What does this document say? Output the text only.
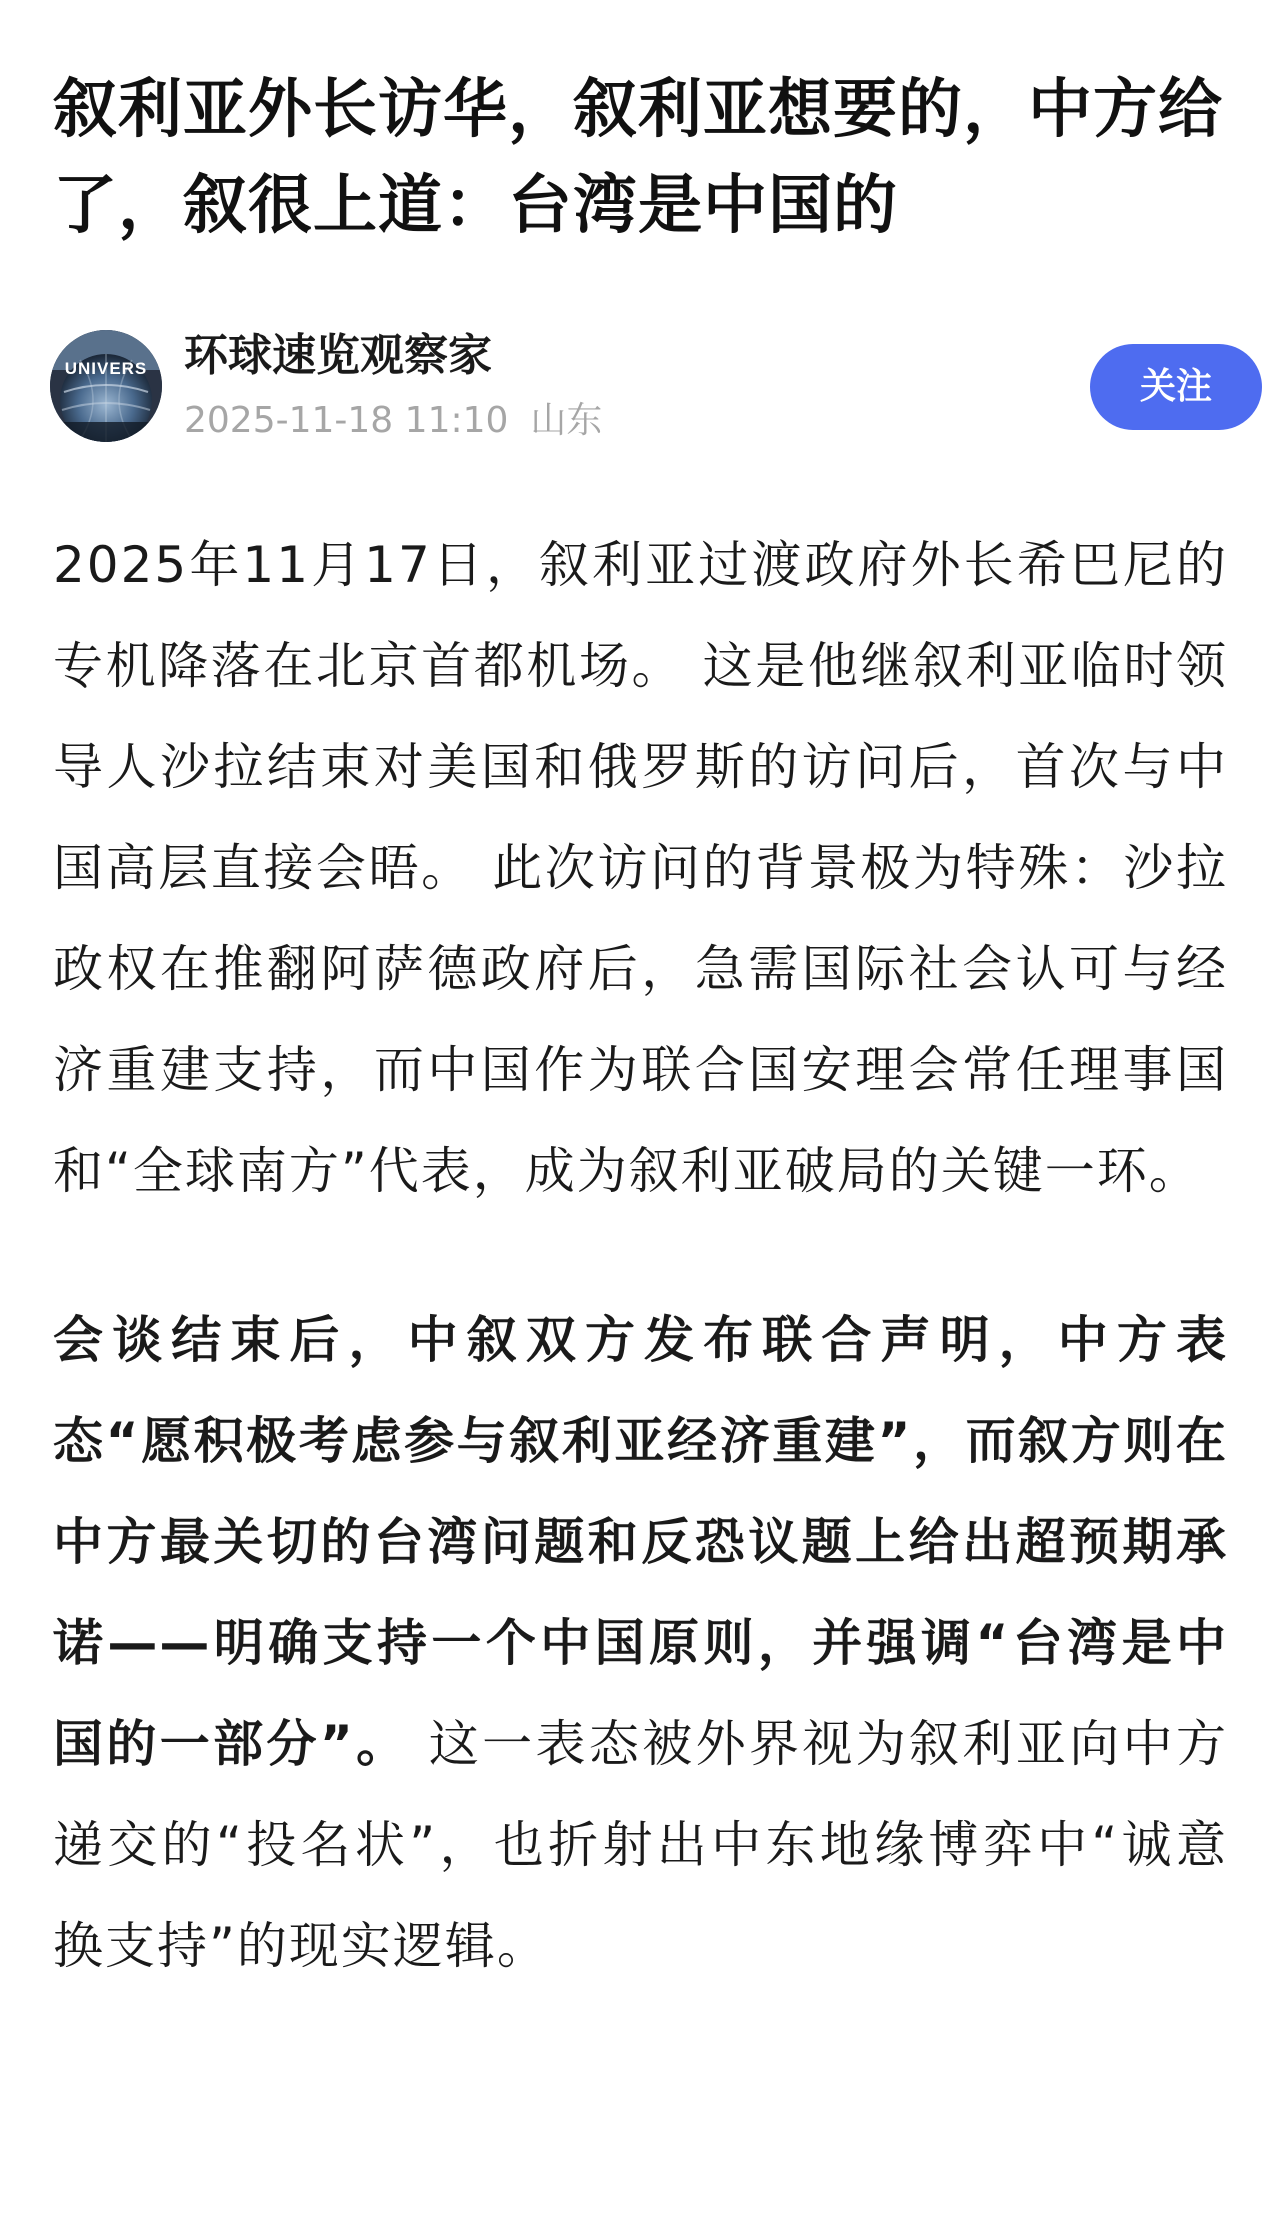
叙利亚外长访华，叙利亚想要的，中方给了，叙很上道：台湾是中国的
UNIVERS 环球速览观察家
2025-11-18 11:10 山东
关注

2025年11月17日，叙利亚过渡政府外长希巴尼的专机降落在北京首都机场。 这是他继叙利亚临时领导人沙拉结束对美国和俄罗斯的访问后，首次与中国高层直接会晤。 此次访问的背景极为特殊：沙拉政权在推翻阿萨德政府后，急需国际社会认可与经济重建支持，而中国作为联合国安理会常任理事国和“全球南方”代表，成为叙利亚破局的关键一环。

会谈结束后，中叙双方发布联合声明，中方表态“愿积极考虑参与叙利亚经济重建”，而叙方则在中方最关切的台湾问题和反恐议题上给出超预期承诺——明确支持一个中国原则，并强调“台湾是中国的一部分”。 这一表态被外界视为叙利亚向中方递交的“投名状”，也折射出中东地缘博弈中“诚意换支持”的现实逻辑。
